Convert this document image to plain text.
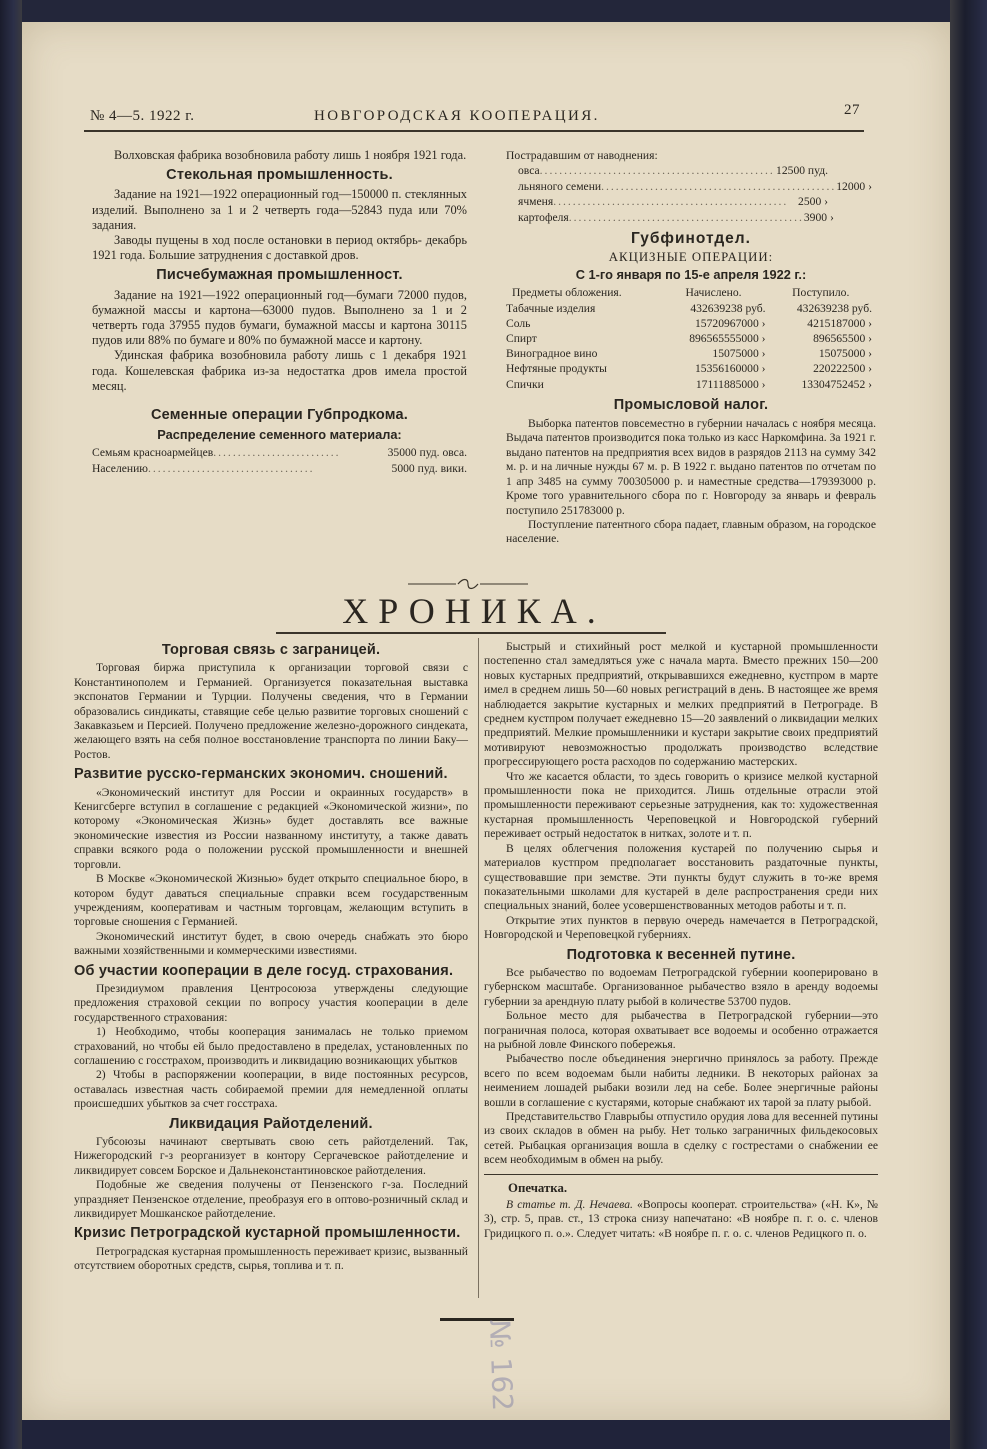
№ 4—5. 1922 г.	НОВГОРОДСКАЯ КООПЕРАЦИЯ.	27

Волховская фабрика возобновила работу лишь 1 ноября 1921 года.

Стекольная промышленность.

Задание на 1921—1922 операционный год—150000 п. стеклянных изделий. Выполнено за 1 и 2 четверть года—52843 пуда или 70% задания.

Заводы пущены в ход после остановки в период октябрь- декабрь 1921 года. Большие затруднения с доставкой дров.

Писчебумажная промышленност.

Задание на 1921—1922 операционный год—бумаги 72000 пудов, бумажной массы и картона—63000 пудов. Выполнено за 1 и 2 четверть года 37955 пудов бумаги, бумажной массы и картона 30115 пудов или 88% по бумаге и 80% по бумажной массе и картону.

Удинская фабрика возобновила работу лишь с 1 декабря 1921 года. Кошелевская фабрика из-за недостатка дров имела простой месяц.

Семенные операции Губпродкома.
Распределение семенного материала:
Семьям красноармейцев ..........................	35000 пуд. овса.
Населению ..................................	5000 пуд. вики.
Пострадавшим от наводнения:
овса ................................................ 12500 пуд.
льняного семени ................................................ 12000 ›
ячменя ................................................ 2500 ›
картофеля ................................................ 3900 ›
Губфинотдел.
АКЦИЗНЫЕ ОПЕРАЦИИ:
С 1-го января по 15-е апреля 1922 г.:
Предметы обложения.	Начислено.	Поступило.
Табачные изделия	432639238 руб.	432639238 руб.
Соль	15720967000 ›	4215187000 ›
Спирт	896565555000 ›	896565500 ›
Виноградное вино	15075000 ›	15075000 ›
Нефтяные продукты	15356160000 ›	220222500 ›
Спички	17111885000 ›	13304752452 ›
Промысловой налог.

Выборка патентов повсеместно в губернии началась с ноября месяца. Выдача патентов производится пока только из касс Наркомфина. За 1921 г. выдано патентов на предприятия всех видов в разрядов 2113 на сумму 342 м. р. и на личные нужды 67 м. р. В 1922 г. выдано патентов по отчетам по 1 апр 3485 на сумму 700305000 р. и наместные средства—179393000 р. Кроме того уравнительного сбора по г. Новгороду за январь и февраль поступило 251783000 р.

Поступление патентного сбора падает, главным образом, на городское население.

ХРОНИКА.
Торговая связь с заграницей.

Торговая биржа приступила к организации торговой связи с Константинополем и Германией. Организуется показательная выставка экспонатов Германии и Турции. Получены сведения, что в Германии образовались синдикаты, ставящие себе целью развитие торговых сношений с Закавказьем и Персией. Получено предложение железно-дорожного синдеката, желающего взять на себя полное восстановление транспорта по линии Баку—Ростов.

Развитие русско-германских экономич. сношений.

«Экономический институт для России и окраинных государств» в Кенигсберге вступил в соглашение с редакцией «Экономической жизни», по которому «Экономическая Жизнь» будет доставлять все важные экономические известия из России названному институту, а также давать справки всякого рода о положении русской промышленности и внешней торговли.

В Москве «Экономической Жизнью» будет открыто специальное бюро, в котором будут даваться специальные справки всем государственным учреждениям, кооперативам и частным торговцам, желающим вступить в торговые сношения с Германией.

Экономический институт будет, в свою очередь снабжать это бюро важными хозяйственными и коммерческими известиями.

Об участии кооперации в деле госуд. страхования.

Президиумом правления Центросоюза утверждены следующие предложения страховой секции по вопросу участия кооперации в деле государственного страхования:

1) Необходимо, чтобы кооперация занималась не только приемом страхований, но чтобы ей было предоставлено в пределах, установленных по соглашению с госстрахом, производить и ликвидацию возникающих убытков

2) Чтобы в распоряжении кооперации, в виде постоянных ресурсов, оставалась известная часть собираемой премии для немедленной оплаты происшедших убытков за счет госстраха.

Ликвидация Райотделений.

Губсоюзы начинают свертывать свою сеть райотделений. Так, Нижегородский г-з реорганизует в контору Сергачевское райотделение и ликвидирует совсем Борское и Дальнеконстантиновское райотделения.

Подобные же сведения получены от Пензенского г-за. Последний упраздняет Пензенское отделение, преобразуя его в оптово-розничный склад и ликвидирует Мошканское райотделение.

Кризис Петроградской кустарной промышленности.

Петроградская кустарная промышленность переживает кризис, вызванный отсутствием оборотных средств, сырья, топлива и т. п.

Быстрый и стихийный рост мелкой и кустарной промышленности постепенно стал замедляться уже с начала марта. Вместо прежних 150—200 новых кустарных предприятий, открывавшихся ежедневно, кустпром в марте имел в среднем лишь 50—60 новых регистраций в день. В настоящее же время наблюдается закрытие кустарных и мелких предприятий в Петрограде. В среднем кустпром получает ежедневно 15—20 заявлений о ликвидации мелких предприятий. Мелкие промышленники и кустари закрытие своих предприятий мотивируют невозможностью продолжать производство вследствие прогрессирующего роста расходов по содержанию мастерских.

Что же касается области, то здесь говорить о кризисе мелкой кустарной промышленности пока не приходится. Лишь отдельные отрасли этой промышленности переживают серьезные затруднения, как то: художественная кустарная промышленность Череповецкой и Новгородской губерний переживает острый недостаток в нитках, золоте и т. п.

В целях облегчения положения кустарей по получению сырья и материалов кустпром предполагает восстановить раздаточные пункты, существовавшие при земстве. Эти пункты будут служить в то-же время показательными школами для кустарей в деле распространения среди них специальных знаний, более усовершенствованных методов работы и т. п.

Открытие этих пунктов в первую очередь намечается в Петроградской, Новгородской и Череповецкой губерниях.

Подготовка к весенней путине.

Все рыбачество по водоемам Петроградской губернии кооперировано в губернском масштабе. Организованное рыбачество взяло в аренду водоемы губернии за арендную плату рыбой в количестве 53700 пудов.

Больное место для рыбачества в Петроградской губернии—это пограничная полоса, которая охватывает все водоемы и особенно отражается на рыбной ловле Финского побережья.

Рыбачество после объединения энергично принялось за работу. Прежде всего по всем водоемам были набиты ледники. В некоторых районах за неимением лошадей рыбаки возили лед на себе. Более энергичные районы вошли в соглашение с кустарями, которые снабжают их тарой за плату рыбой.

Представительство Главрыбы отпустило орудия лова для весенней путины из своих складов в обмен на рыбу. Нет только заграничных фильдекосовых сетей. Рыбацкая организация вошла в сделку с гострестами о снабжении ее всем необходимым в обмен на рыбу.

Опечатка.

В статье т. Д. Нечаева. «Вопросы кооперат. строительства» («Н. К», № 3), стр. 5, прав. ст., 13 строка снизу напечатано: «В ноябре п. г. о. с. членов Гридицкого п. о.». Следует читать: «В ноябре п. г. о. с. членов Редицкого п. о.

№ 162
